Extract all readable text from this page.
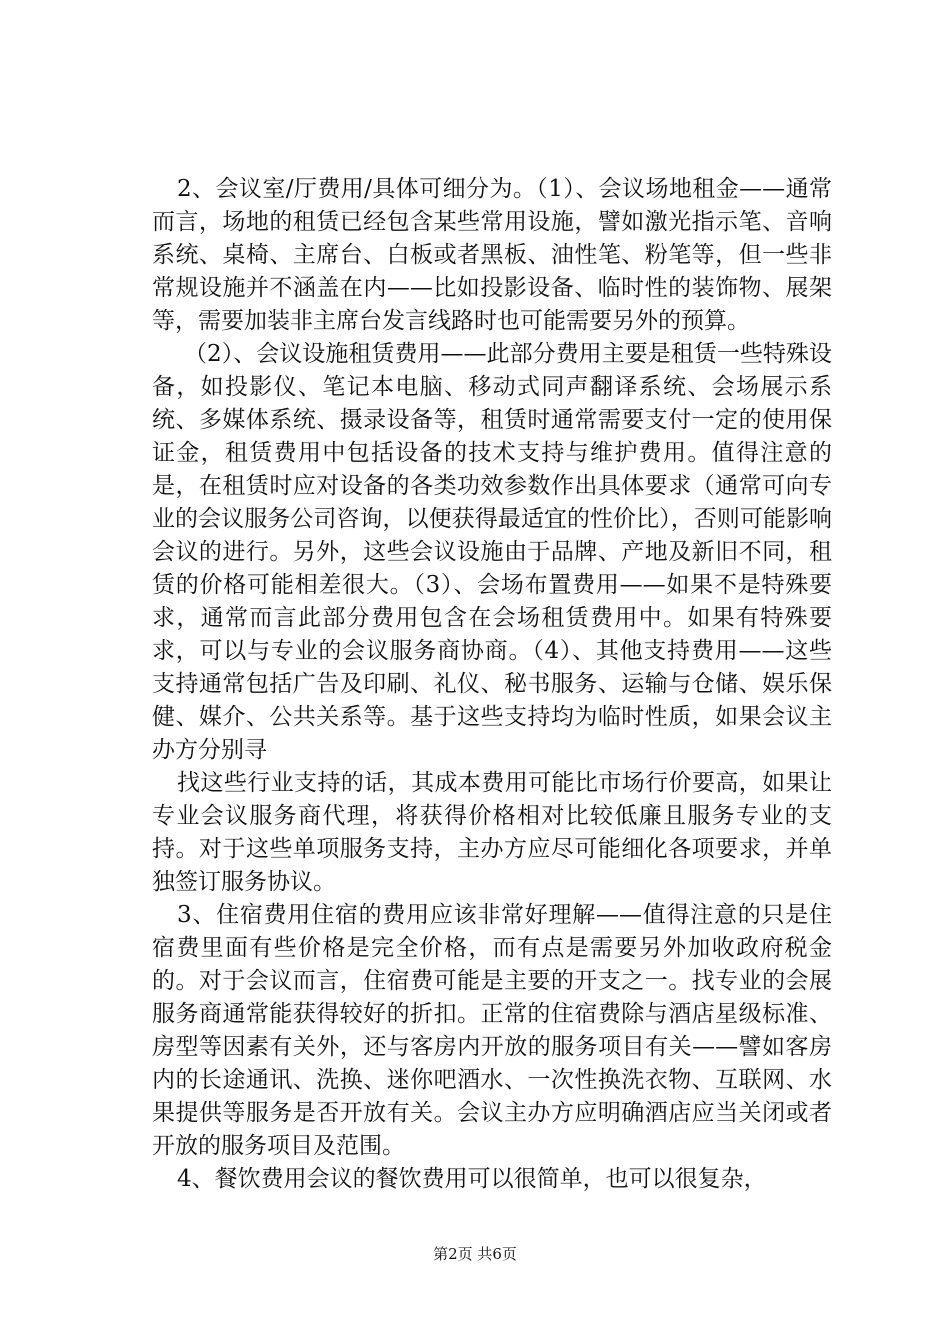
2、会议室/厅费用/具体可细分为。（1）、会议场地租金——通常而言，场地的租赁已经包含某些常用设施，譬如激光指示笔、音响系统、桌椅、主席台、白板或者黑板、油性笔、粉笔等，但一些非常规设施并不涵盖在内——比如投影设备、临时性的装饰物、展架等，需要加装非主席台发言线路时也可能需要另外的预算。

（2）、会议设施租赁费用——此部分费用主要是租赁一些特殊设备，如投影仪、笔记本电脑、移动式同声翻译系统、会场展示系统、多媒体系统、摄录设备等，租赁时通常需要支付一定的使用保证金，租赁费用中包括设备的技术支持与维护费用。值得注意的是，在租赁时应对设备的各类功效参数作出具体要求（通常可向专业的会议服务公司咨询，以便获得最适宜的性价比），否则可能影响会议的进行。另外，这些会议设施由于品牌、产地及新旧不同，租赁的价格可能相差很大。（3）、会场布置费用——如果不是特殊要求，通常而言此部分费用包含在会场租赁费用中。如果有特殊要求，可以与专业的会议服务商协商。（4）、其他支持费用——这些支持通常包括广告及印刷、礼仪、秘书服务、运输与仓储、娱乐保健、媒介、公共关系等。基于这些支持均为临时性质，如果会议主办方分别寻

找这些行业支持的话，其成本费用可能比市场行价要高，如果让专业会议服务商代理，将获得价格相对比较低廉且服务专业的支持。对于这些单项服务支持，主办方应尽可能细化各项要求，并单独签订服务协议。

3、住宿费用住宿的费用应该非常好理解——值得注意的只是住宿费里面有些价格是完全价格，而有点是需要另外加收政府税金的。对于会议而言，住宿费可能是主要的开支之一。找专业的会展服务商通常能获得较好的折扣。正常的住宿费除与酒店星级标准、房型等因素有关外，还与客房内开放的服务项目有关——譬如客房内的长途通讯、洗换、迷你吧酒水、一次性换洗衣物、互联网、水果提供等服务是否开放有关。会议主办方应明确酒店应当关闭或者开放的服务项目及范围。

4、餐饮费用会议的餐饮费用可以很简单，也可以很复杂，

第2页 共6页
